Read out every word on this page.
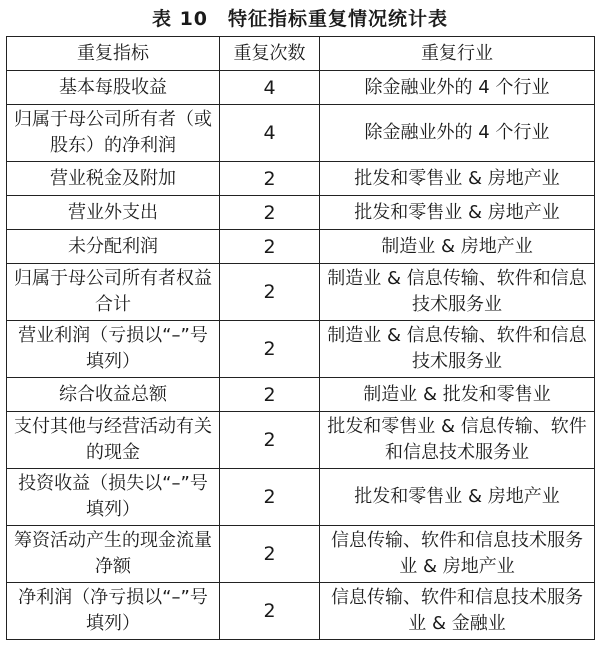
表 10　特征指标重复情况统计表
重复指标	重复次数	重复行业
基本每股收益	4	除金融业外的 4 个行业
归属于母公司所有者（或股东）的净利润	4	除金融业外的 4 个行业
营业税金及附加	2	批发和零售业 & 房地产业
营业外支出	2	批发和零售业 & 房地产业
未分配利润	2	制造业 & 房地产业
归属于母公司所有者权益合计	2	制造业 & 信息传输、软件和信息技术服务业
营业利润（亏损以“–”号填列）	2	制造业 & 信息传输、软件和信息技术服务业
综合收益总额	2	制造业 & 批发和零售业
支付其他与经营活动有关的现金	2	批发和零售业 & 信息传输、软件和信息技术服务业
投资收益（损失以“–”号填列）	2	批发和零售业 & 房地产业
筹资活动产生的现金流量净额	2	信息传输、软件和信息技术服务业 & 房地产业
净利润（净亏损以“–”号填列）	2	信息传输、软件和信息技术服务业 & 金融业
